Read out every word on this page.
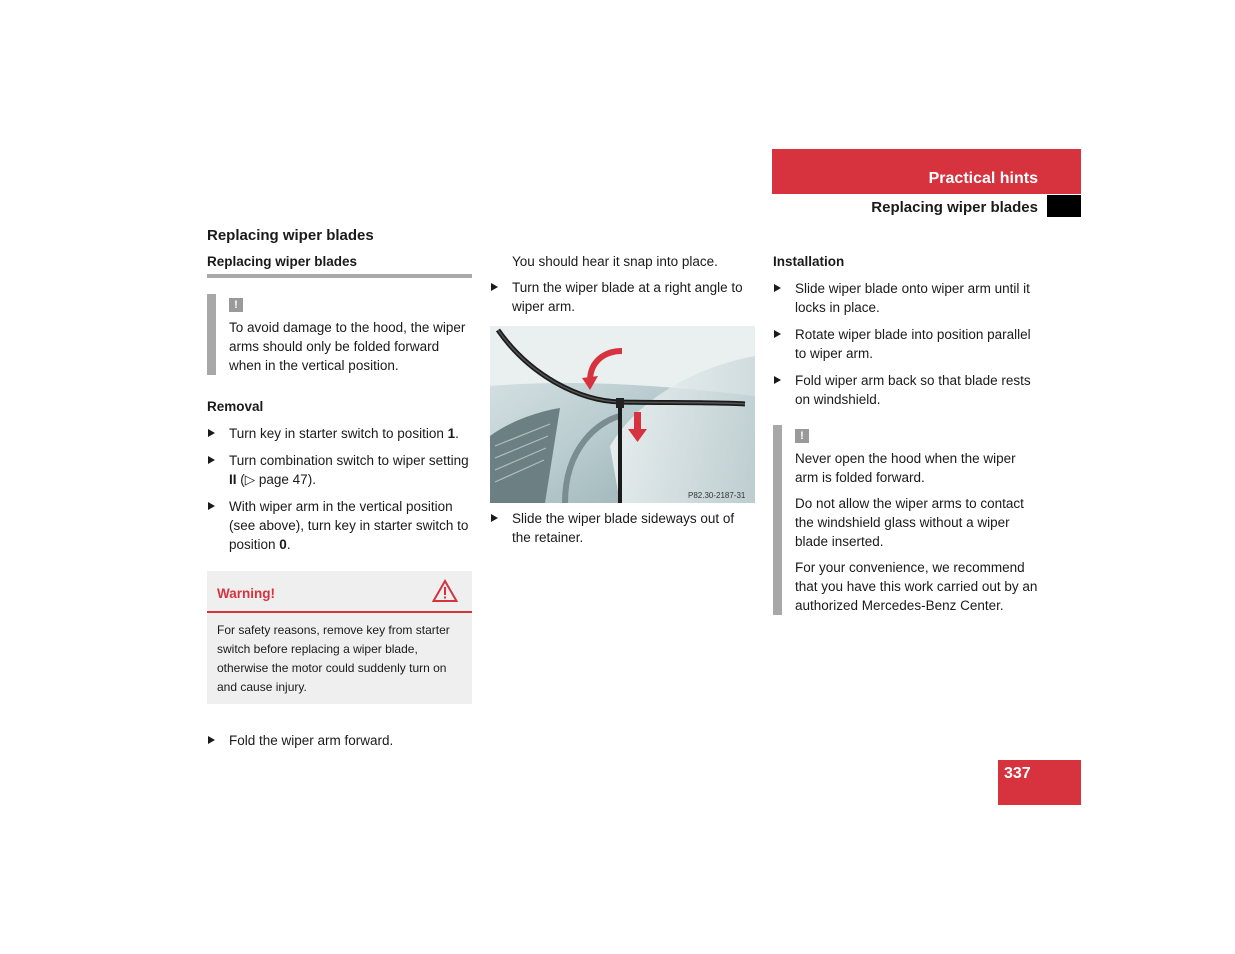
Practical hints
Replacing wiper blades
Replacing wiper blades
Replacing wiper blades
!

To avoid damage to the hood, the wiper arms should only be folded forward when in the vertical position.

Removal
Turn key in starter switch to position 1.
Turn combination switch to wiper setting II (▷ page 47).
With wiper arm in the vertical position (see above), turn key in starter switch to position 0.
Warning!
For safety reasons, remove key from starter switch before replacing a wiper blade, otherwise the motor could suddenly turn on and cause injury.
Fold the wiper arm forward.
You should hear it snap into place.
Turn the wiper blade at a right angle to wiper arm.
P82.30-2187-31
Slide the wiper blade sideways out of the retainer.
Installation
Slide wiper blade onto wiper arm until it locks in place.
Rotate wiper blade into position parallel to wiper arm.
Fold wiper arm back so that blade rests on windshield.
!

Never open the hood when the wiper arm is folded forward.

Do not allow the wiper arms to contact the windshield glass without a wiper blade inserted.

For your convenience, we recommend that you have this work carried out by an authorized Mercedes-Benz Center.

337
